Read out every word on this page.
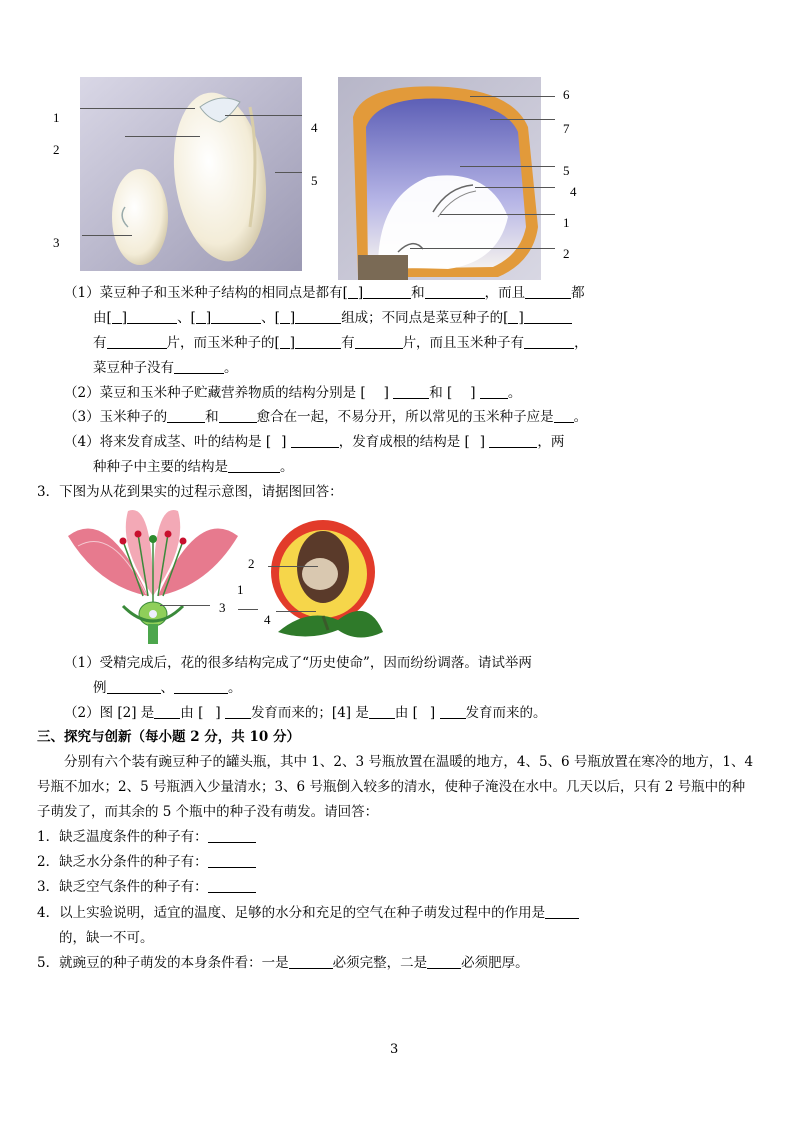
1
2
3
4
5
6
7
5
4
1
2
（1）菜豆种子和玉米种子结构的相同点是都有[ ]	和	，而且	都
由[ ]	、[ ]	、[ ]	组成；不同点是菜豆种子的[ ]
有	片，而玉米种子的[ ]	有	片，而且玉米种子有	，
菜豆种子没有	。
（2）菜豆和玉米种子贮藏营养物质的结构分别是 [ ]	和 [ ] 。
（3）玉米种子的	和	愈合在一起，不易分开，所以常见的玉米种子应是 。
（4）将来发育成茎、叶的结构是 [ ]	，发育成根的结构是 [ ]	，两
种种子中主要的结构是	。
3．下图为从花到果实的过程示意图，请据图回答：
3
2
1
4
（1）受精完成后，花的很多结构完成了“历史使命”，因而纷纷调落。请试举两
例	、	。
（2）图 [2] 是 由 [ ] 发育而来的；[4] 是 由 [ ] 发育而来的。
三、探究与创新（每小题 2 分，共 10 分）
分别有六个装有豌豆种子的罐头瓶，其中 1、2、3 号瓶放置在温暖的地方，4、5、6 号瓶放置在寒冷的地方，1、4
号瓶不加水；2、5 号瓶洒入少量清水；3、6 号瓶倒入较多的清水，使种子淹没在水中。几天以后，只有 2 号瓶中的种
子萌发了，而其余的 5 个瓶中的种子没有萌发。请回答：
1．缺乏温度条件的种子有：
2．缺乏水分条件的种子有：
3．缺乏空气条件的种子有：
4．以上实验说明，适宜的温度、足够的水分和充足的空气在种子萌发过程中的作用是
的，缺一不可。
5．就豌豆的种子萌发的本身条件看：一是	必须完整，二是	必须肥厚。
3
